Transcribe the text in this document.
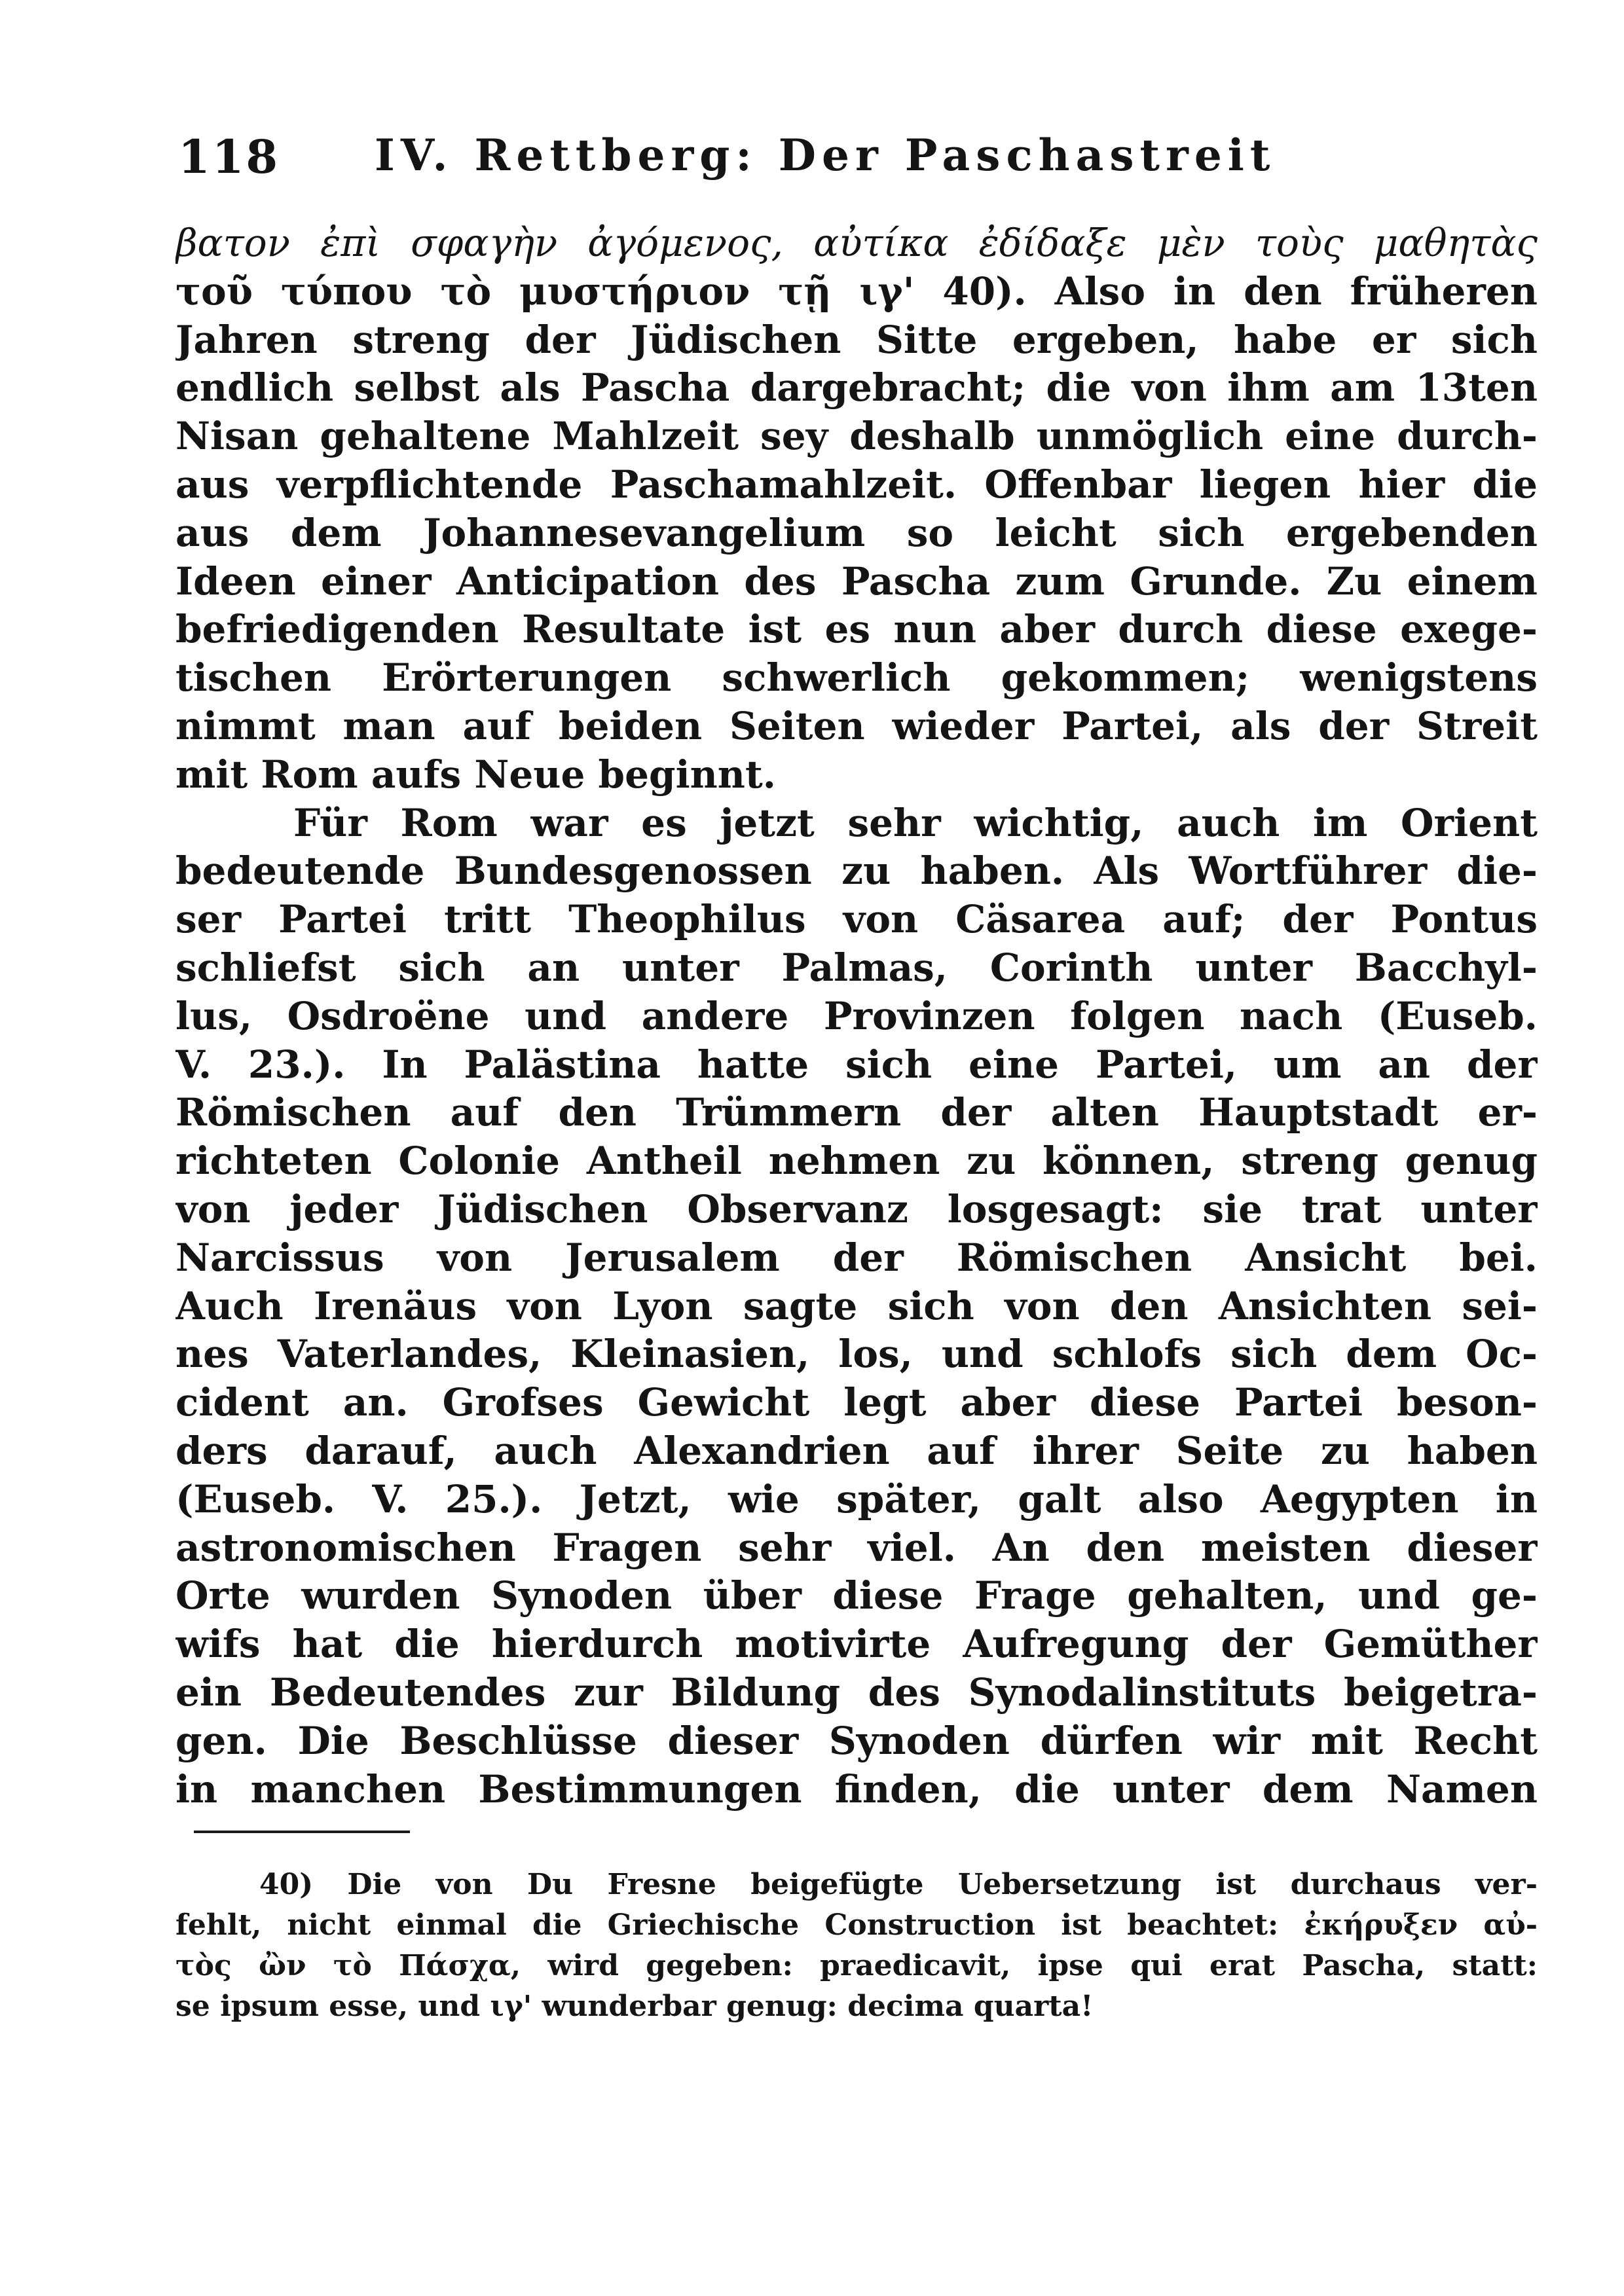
118 IV. Rettberg: Der Paschastreit
βατον ἐπὶ σφαγὴν ἀγόμενος, αὐτίκα ἐδίδαξε μὲν τοὺς μαθητὰς
τοῦ τύπου τὸ μυστήριον τῇ ιγ' 40). Also in den früheren
Jahren streng der Jüdischen Sitte ergeben, habe er sich
endlich selbst als Pascha dargebracht; die von ihm am 13ten
Nisan gehaltene Mahlzeit sey deshalb unmöglich eine durch-
aus verpflichtende Paschamahlzeit. Offenbar liegen hier die
aus dem Johannesevangelium so leicht sich ergebenden
Ideen einer Anticipation des Pascha zum Grunde. Zu einem
befriedigenden Resultate ist es nun aber durch diese exege-
tischen Erörterungen schwerlich gekommen; wenigstens
nimmt man auf beiden Seiten wieder Partei, als der Streit
mit Rom aufs Neue beginnt.
Für Rom war es jetzt sehr wichtig, auch im Orient
bedeutende Bundesgenossen zu haben. Als Wortführer die-
ser Partei tritt Theophilus von Cäsarea auf; der Pontus
schliefst sich an unter Palmas, Corinth unter Bacchyl-
lus, Osdroëne und andere Provinzen folgen nach (Euseb.
V. 23.). In Palästina hatte sich eine Partei, um an der
Römischen auf den Trümmern der alten Hauptstadt er-
richteten Colonie Antheil nehmen zu können, streng genug
von jeder Jüdischen Observanz losgesagt: sie trat unter
Narcissus von Jerusalem der Römischen Ansicht bei.
Auch Irenäus von Lyon sagte sich von den Ansichten sei-
nes Vaterlandes, Kleinasien, los, und schlofs sich dem Oc-
cident an. Grofses Gewicht legt aber diese Partei beson-
ders darauf, auch Alexandrien auf ihrer Seite zu haben
(Euseb. V. 25.). Jetzt, wie später, galt also Aegypten in
astronomischen Fragen sehr viel. An den meisten dieser
Orte wurden Synoden über diese Frage gehalten, und ge-
wifs hat die hierdurch motivirte Aufregung der Gemüther
ein Bedeutendes zur Bildung des Synodalinstituts beigetra-
gen. Die Beschlüsse dieser Synoden dürfen wir mit Recht
in manchen Bestimmungen finden, die unter dem Namen
40) Die von Du Fresne beigefügte Uebersetzung ist durchaus ver-
fehlt, nicht einmal die Griechische Construction ist beachtet: ἐκήρυξεν αὐ-
τὸς ὢν τὸ Πάσχα, wird gegeben: praedicavit, ipse qui erat Pascha, statt:
se ipsum esse, und ιγ' wunderbar genug: decima quarta!
